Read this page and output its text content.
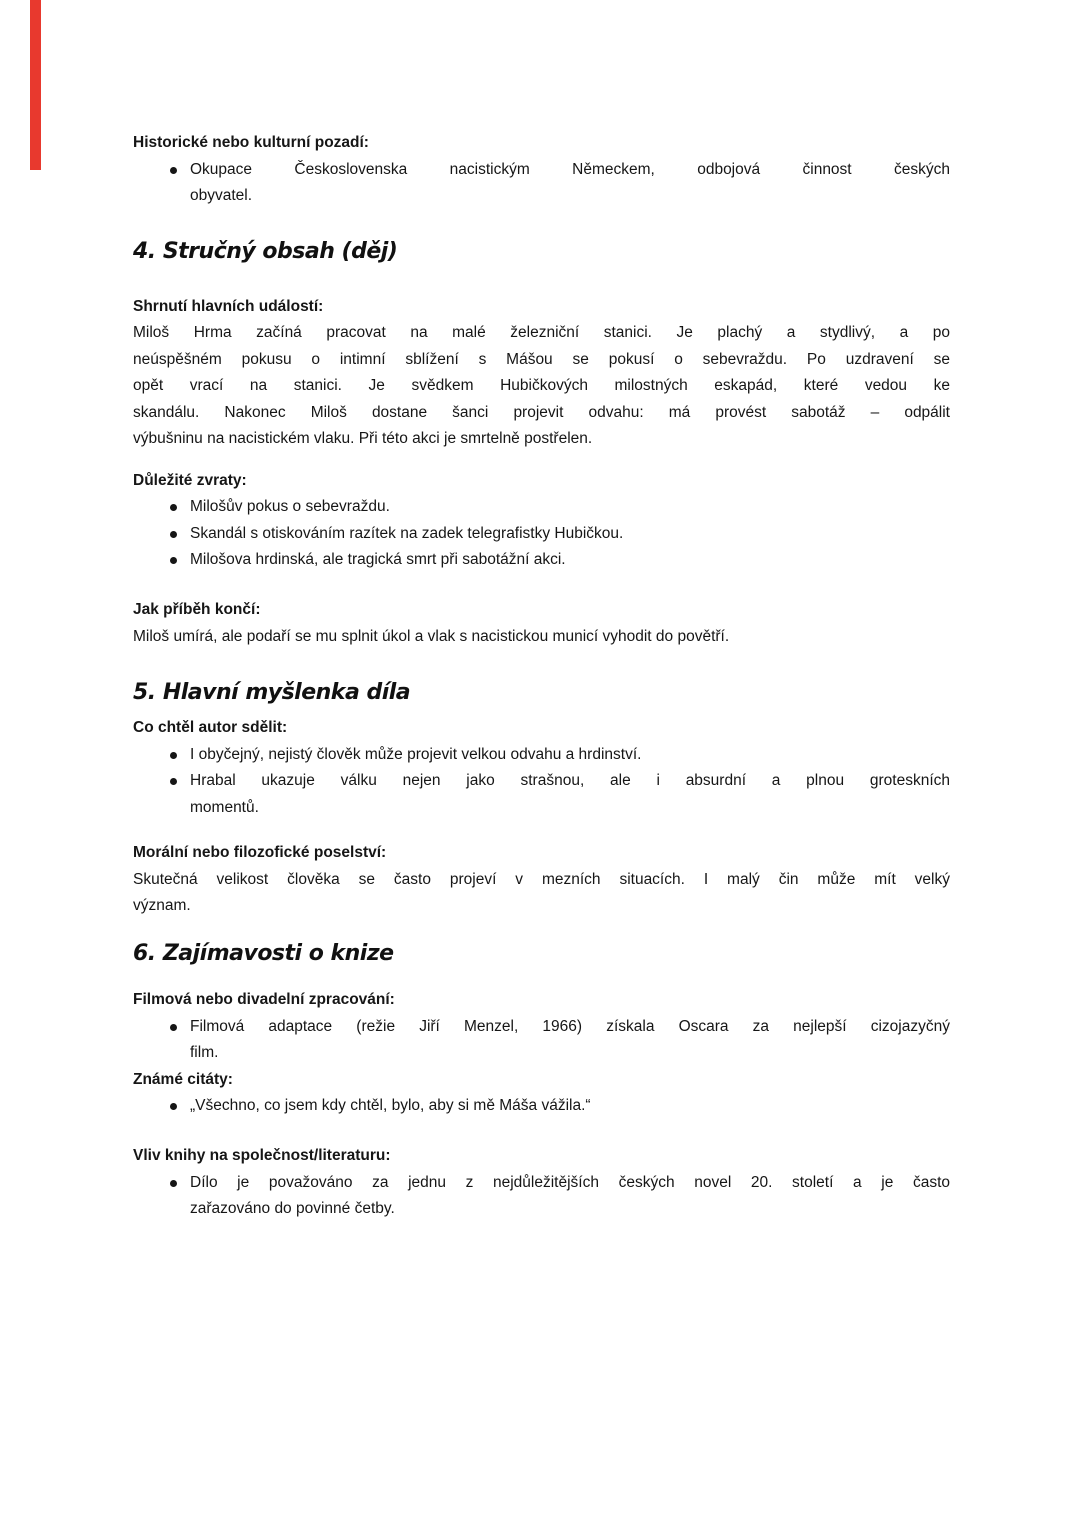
Historické nebo kulturní pozadí:
Okupace Československa nacistickým Německem, odbojová činnost českých
obyvatel.
4. Stručný obsah (děj)
Shrnutí hlavních událostí:
Miloš Hrma začíná pracovat na malé železniční stanici. Je plachý a stydlivý, a po
neúspěšném pokusu o intimní sblížení s Mášou se pokusí o sebevraždu. Po uzdravení se
opět vrací na stanici. Je svědkem Hubičkových milostných eskapád, které vedou ke
skandálu. Nakonec Miloš dostane šanci projevit odvahu: má provést sabotáž – odpálit
výbušninu na nacistickém vlaku. Při této akci je smrtelně postřelen.
Důležité zvraty:
Milošův pokus o sebevraždu.
Skandál s otiskováním razítek na zadek telegrafistky Hubičkou.
Milošova hrdinská, ale tragická smrt při sabotážní akci.
Jak příběh končí:
Miloš umírá, ale podaří se mu splnit úkol a vlak s nacistickou municí vyhodit do povětří.
5. Hlavní myšlenka díla
Co chtěl autor sdělit:
I obyčejný, nejistý člověk může projevit velkou odvahu a hrdinství.
Hrabal ukazuje válku nejen jako strašnou, ale i absurdní a plnou groteskních
momentů.
Morální nebo filozofické poselství:
Skutečná velikost člověka se často projeví v mezních situacích. I malý čin může mít velký
význam.
6. Zajímavosti o knize
Filmová nebo divadelní zpracování:
Filmová adaptace (režie Jiří Menzel, 1966) získala Oscara za nejlepší cizojazyčný
film.
Známé citáty:
„Všechno, co jsem kdy chtěl, bylo, aby si mě Máša vážila.“
Vliv knihy na společnost/literaturu:
Dílo je považováno za jednu z nejdůležitějších českých novel 20. století a je často
zařazováno do povinné četby.
